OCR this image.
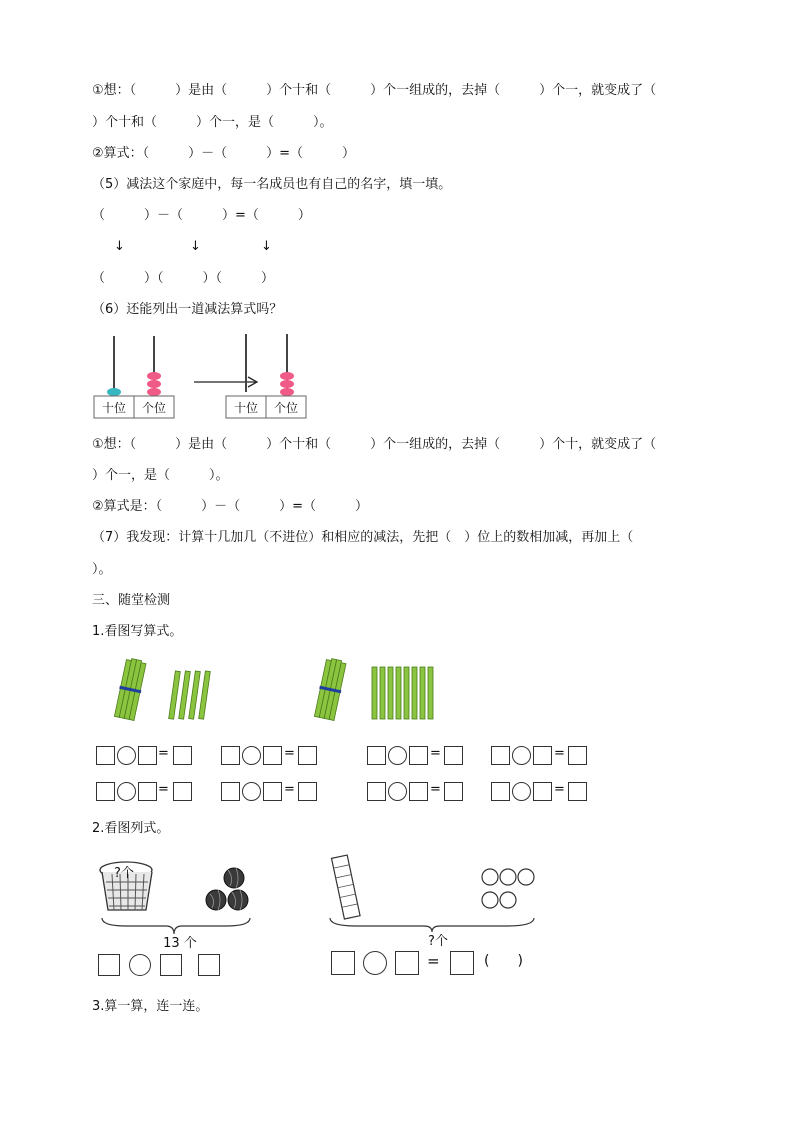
①想：（　　　）是由（　　　）个十和（　　　）个一组成的，去掉（　　　）个一，就变成了（
）个十和（　　　）个一，是（　　　）。
②算式：（　　　）－（　　　）=（　　　）
（5）减法这个家庭中，每一名成员也有自己的名字，填一填。
（　　　）－（　　　）=（　　　）
↓	↓	↓
（　　　）（　　　）（　　　）
（6）还能列出一道减法算式吗？
十位	个位	十位	个位
①想：（　　　）是由（　　　）个十和（　　　）个一组成的，去掉（　　　）个十，就变成了（
）个一，是（　　　）。
②算式是：（　　　）－（　　　）=（　　　）
（7）我发现：计算十几加几（不进位）和相应的减法，先把（　）位上的数相加减，再加上（
）。
三、随堂检测
1.看图写算式。
=	=	=	=
=	=	=	=
2.看图列式。
?个
13 个	?个
=	(　　)
3.算一算，连一连。
